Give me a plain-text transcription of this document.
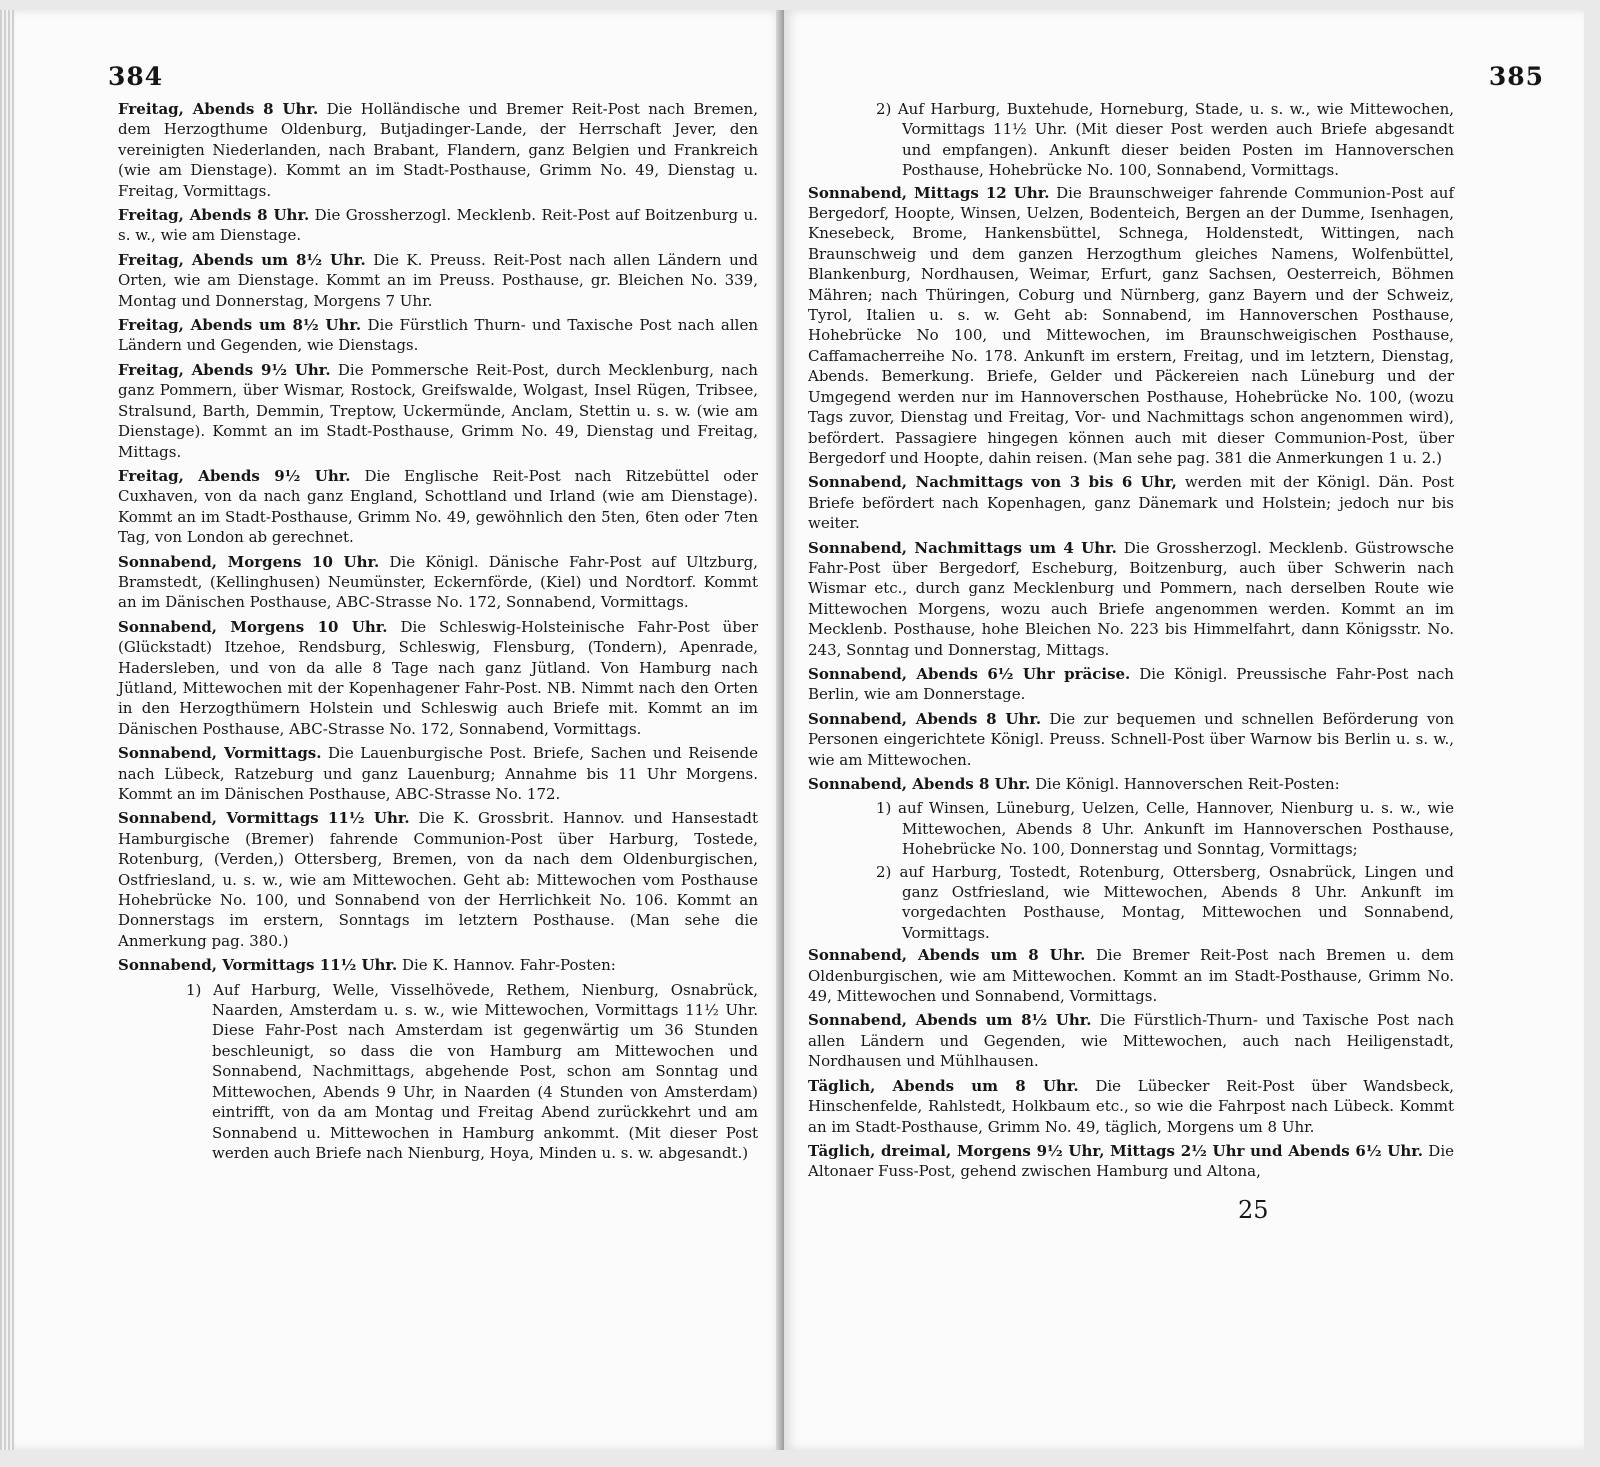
384

Freitag, Abends 8 Uhr. Die Holländische und Bremer Reit-Post nach Bremen, dem Herzogthume Oldenburg, Butjadinger-Lande, der Herrschaft Jever, den vereinigten Niederlanden, nach Brabant, Flandern, ganz Belgien und Frankreich (wie am Dienstage). Kommt an im Stadt-Posthause, Grimm No. 49, Dienstag u. Freitag, Vormittags.

Freitag, Abends 8 Uhr. Die Grossherzogl. Mecklenb. Reit-Post auf Boitzenburg u. s. w., wie am Dienstage.

Freitag, Abends um 8½ Uhr. Die K. Preuss. Reit-Post nach allen Ländern und Orten, wie am Dienstage. Kommt an im Preuss. Posthause, gr. Bleichen No. 339, Montag und Donnerstag, Morgens 7 Uhr.

Freitag, Abends um 8½ Uhr. Die Fürstlich Thurn- und Taxische Post nach allen Ländern und Gegenden, wie Dienstags.

Freitag, Abends 9½ Uhr. Die Pommersche Reit-Post, durch Mecklenburg, nach ganz Pommern, über Wismar, Rostock, Greifswalde, Wolgast, Insel Rügen, Tribsee, Stralsund, Barth, Demmin, Treptow, Uckermünde, Anclam, Stettin u. s. w. (wie am Dienstage). Kommt an im Stadt-Posthause, Grimm No. 49, Dienstag und Freitag, Mittags.

Freitag, Abends 9½ Uhr. Die Englische Reit-Post nach Ritzebüttel oder Cuxhaven, von da nach ganz England, Schottland und Irland (wie am Dienstage). Kommt an im Stadt-Posthause, Grimm No. 49, gewöhnlich den 5ten, 6ten oder 7ten Tag, von London ab gerechnet.

Sonnabend, Morgens 10 Uhr. Die Königl. Dänische Fahr-Post auf Ultzburg, Bramstedt, (Kellinghusen) Neumünster, Eckernförde, (Kiel) und Nordtorf. Kommt an im Dänischen Posthause, ABC-Strasse No. 172, Sonnabend, Vormittags.

Sonnabend, Morgens 10 Uhr. Die Schleswig-Holsteinische Fahr-Post über (Glückstadt) Itzehoe, Rendsburg, Schleswig, Flensburg, (Tondern), Apenrade, Hadersleben, und von da alle 8 Tage nach ganz Jütland. Von Hamburg nach Jütland, Mittewochen mit der Kopenhagener Fahr-Post. NB. Nimmt nach den Orten in den Herzogthümern Holstein und Schleswig auch Briefe mit. Kommt an im Dänischen Posthause, ABC-Strasse No. 172, Sonnabend, Vormittags.

Sonnabend, Vormittags. Die Lauenburgische Post. Briefe, Sachen und Reisende nach Lübeck, Ratzeburg und ganz Lauenburg; Annahme bis 11 Uhr Morgens. Kommt an im Dänischen Posthause, ABC-Strasse No. 172.

Sonnabend, Vormittags 11½ Uhr. Die K. Grossbrit. Hannov. und Hansestadt Hamburgische (Bremer) fahrende Communion-Post über Harburg, Tostede, Rotenburg, (Verden,) Ottersberg, Bremen, von da nach dem Oldenburgischen, Ostfriesland, u. s. w., wie am Mittewochen. Geht ab: Mittewochen vom Posthause Hohebrücke No. 100, und Sonnabend von der Herrlichkeit No. 106. Kommt an Donnerstags im erstern, Sonntags im letztern Posthause. (Man sehe die Anmerkung pag. 380.)

Sonnabend, Vormittags 11½ Uhr. Die K. Hannov. Fahr-Posten:

1) Auf Harburg, Welle, Visselhövede, Rethem, Nienburg, Osnabrück, Naarden, Amsterdam u. s. w., wie Mittewochen, Vormittags 11½ Uhr. Diese Fahr-Post nach Amsterdam ist gegenwärtig um 36 Stunden beschleunigt, so dass die von Hamburg am Mittewochen und Sonnabend, Nachmittags, abgehende Post, schon am Sonntag und Mittewochen, Abends 9 Uhr, in Naarden (4 Stunden von Amsterdam) eintrifft, von da am Montag und Freitag Abend zurückkehrt und am Sonnabend u. Mittewochen in Hamburg ankommt. (Mit dieser Post werden auch Briefe nach Nienburg, Hoya, Minden u. s. w. abgesandt.)

385

2) Auf Harburg, Buxtehude, Horneburg, Stade, u. s. w., wie Mittewochen, Vormittags 11½ Uhr. (Mit dieser Post werden auch Briefe abgesandt und empfangen). Ankunft dieser beiden Posten im Hannoverschen Posthause, Hohebrücke No. 100, Sonnabend, Vormittags.

Sonnabend, Mittags 12 Uhr. Die Braunschweiger fahrende Communion-Post auf Bergedorf, Hoopte, Winsen, Uelzen, Bodenteich, Bergen an der Dumme, Isenhagen, Knesebeck, Brome, Hankensbüttel, Schnega, Holdenstedt, Wittingen, nach Braunschweig und dem ganzen Herzogthum gleiches Namens, Wolfenbüttel, Blankenburg, Nordhausen, Weimar, Erfurt, ganz Sachsen, Oesterreich, Böhmen Mähren; nach Thüringen, Coburg und Nürnberg, ganz Bayern und der Schweiz, Tyrol, Italien u. s. w. Geht ab: Sonnabend, im Hannoverschen Posthause, Hohebrücke No 100, und Mittewochen, im Braunschweigischen Posthause, Caffamacherreihe No. 178. Ankunft im erstern, Freitag, und im letztern, Dienstag, Abends. Bemerkung. Briefe, Gelder und Päckereien nach Lüneburg und der Umgegend werden nur im Hannoverschen Posthause, Hohebrücke No. 100, (wozu Tags zuvor, Dienstag und Freitag, Vor- und Nachmittags schon angenommen wird), befördert. Passagiere hingegen können auch mit dieser Communion-Post, über Bergedorf und Hoopte, dahin reisen. (Man sehe pag. 381 die Anmerkungen 1 u. 2.)

Sonnabend, Nachmittags von 3 bis 6 Uhr, werden mit der Königl. Dän. Post Briefe befördert nach Kopenhagen, ganz Dänemark und Holstein; jedoch nur bis weiter.

Sonnabend, Nachmittags um 4 Uhr. Die Grossherzogl. Mecklenb. Güstrowsche Fahr-Post über Bergedorf, Escheburg, Boitzenburg, auch über Schwerin nach Wismar etc., durch ganz Mecklenburg und Pommern, nach derselben Route wie Mittewochen Morgens, wozu auch Briefe angenommen werden. Kommt an im Mecklenb. Posthause, hohe Bleichen No. 223 bis Himmelfahrt, dann Königsstr. No. 243, Sonntag und Donnerstag, Mittags.

Sonnabend, Abends 6½ Uhr präcise. Die Königl. Preussische Fahr-Post nach Berlin, wie am Donnerstage.

Sonnabend, Abends 8 Uhr. Die zur bequemen und schnellen Beförderung von Personen eingerichtete Königl. Preuss. Schnell-Post über Warnow bis Berlin u. s. w., wie am Mittewochen.

Sonnabend, Abends 8 Uhr. Die Königl. Hannoverschen Reit-Posten:

1) auf Winsen, Lüneburg, Uelzen, Celle, Hannover, Nienburg u. s. w., wie Mittewochen, Abends 8 Uhr. Ankunft im Hannoverschen Posthause, Hohebrücke No. 100, Donnerstag und Sonntag, Vormittags;

2) auf Harburg, Tostedt, Rotenburg, Ottersberg, Osnabrück, Lingen und ganz Ostfriesland, wie Mittewochen, Abends 8 Uhr. Ankunft im vorgedachten Posthause, Montag, Mittewochen und Sonnabend, Vormittags.

Sonnabend, Abends um 8 Uhr. Die Bremer Reit-Post nach Bremen u. dem Oldenburgischen, wie am Mittewochen. Kommt an im Stadt-Posthause, Grimm No. 49, Mittewochen und Sonnabend, Vormittags.

Sonnabend, Abends um 8½ Uhr. Die Fürstlich-Thurn- und Taxische Post nach allen Ländern und Gegenden, wie Mittewochen, auch nach Heiligenstadt, Nordhausen und Mühlhausen.

Täglich, Abends um 8 Uhr. Die Lübecker Reit-Post über Wandsbeck, Hinschenfelde, Rahlstedt, Holkbaum etc., so wie die Fahrpost nach Lübeck. Kommt an im Stadt-Posthause, Grimm No. 49, täglich, Morgens um 8 Uhr.

Täglich, dreimal, Morgens 9½ Uhr, Mittags 2½ Uhr und Abends 6½ Uhr. Die Altonaer Fuss-Post, gehend zwischen Hamburg und Altona,

25
